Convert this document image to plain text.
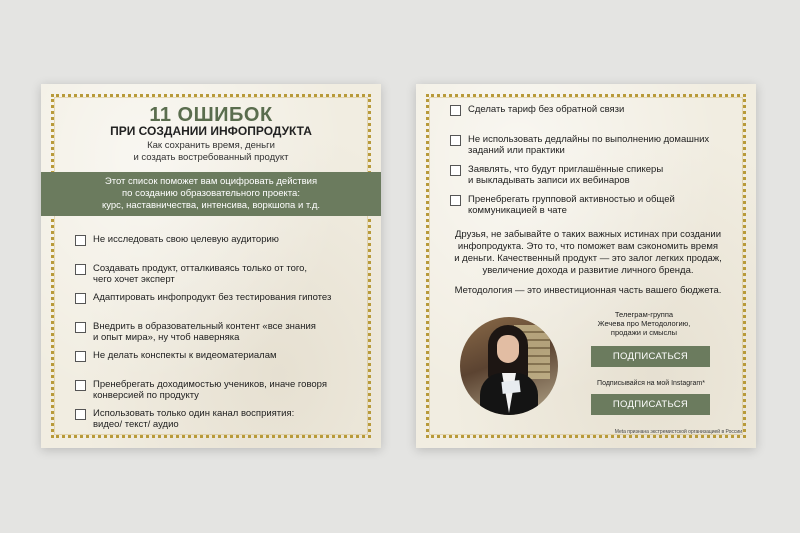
11 ОШИБОК
ПРИ СОЗДАНИИ ИНФОПРОДУКТА
Как сохранить время, деньги
и создать востребованный продукт
Этот список поможет вам оцифровать действия
по созданию образовательного проекта:
курс, наставничества, интенсива, воркшопа и т.д.
Не исследовать свою целевую аудиторию
Создавать продукт, отталкиваясь только от того,
чего хочет эксперт
Адаптировать инфопродукт без тестирования гипотез
Внедрить в образовательный контент «все знания
и опыт мира», ну чтоб наверняка
Не делать конспекты к видеоматериалам
Пренебрегать доходимостью учеников, иначе говоря
конверсией по продукту
Использовать только один канал восприятия:
видео/ текст/ аудио
Сделать тариф без обратной связи
Не использовать дедлайны по выполнению домашних
заданий или практики
Заявлять, что будут приглашённые спикеры
и выкладывать записи их вебинаров
Пренебрегать групповой активностью и общей
коммуникацией в чате
Друзья, не забывайте о таких важных истинах при создании
инфопродукта. Это то, что поможет вам сэкономить время
и деньги. Качественный продукт — это залог легких продаж,
увеличение дохода и развитие личного бренда.
Методология — это инвестиционная часть вашего бюджета.
Телеграм-группа
Жечева про Методологию,
продажи и смыслы
ПОДПИСАТЬСЯ
Подписывайся на мой Instagram*
ПОДПИСАТЬСЯ
Meta признана экстремистской организацией в России
